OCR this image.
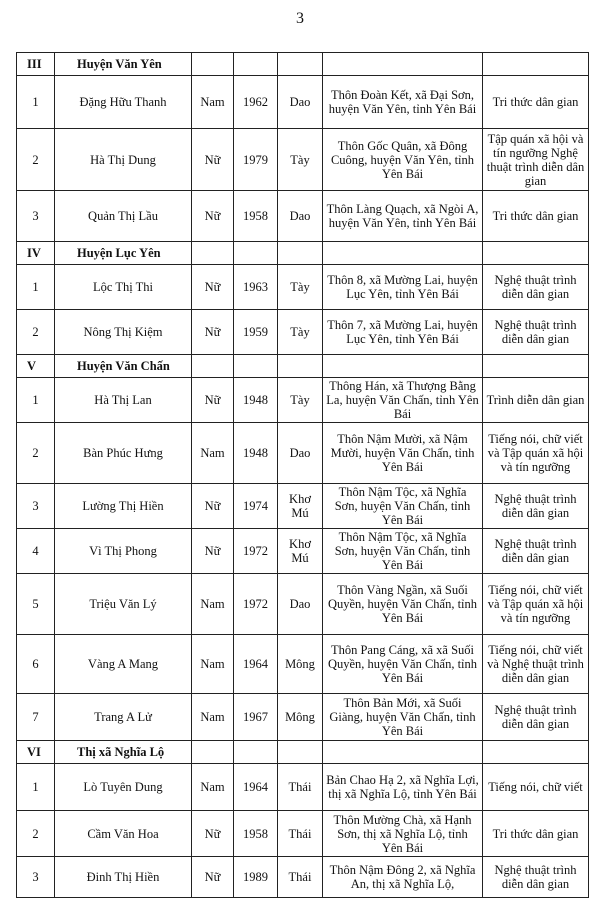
3
III	Huyện Văn Yên					
1	Đặng Hữu Thanh	Nam	1962	Dao	Thôn Đoàn Kết, xã Đại Sơn, huyện Văn Yên, tỉnh Yên Bái	Tri thức dân gian
2	Hà Thị Dung	Nữ	1979	Tày	Thôn Gốc Quân, xã Đông Cuông, huyện Văn Yên, tỉnh Yên Bái	Tập quán xã hội và tín ngưỡng Nghệ thuật trình diễn dân gian
3	Quản Thị Lầu	Nữ	1958	Dao	Thôn Làng Quạch, xã Ngòi A, huyện Văn Yên, tỉnh Yên Bái	Tri thức dân gian
IV	Huyện Lục Yên					
1	Lộc Thị Thi	Nữ	1963	Tày	Thôn 8, xã Mường Lai, huyện Lục Yên, tỉnh Yên Bái	Nghệ thuật trình diễn dân gian
2	Nông Thị Kiệm	Nữ	1959	Tày	Thôn 7, xã Mường Lai, huyện Lục Yên, tỉnh Yên Bái	Nghệ thuật trình diễn dân gian
V	Huyện Văn Chấn					
1	Hà Thị Lan	Nữ	1948	Tày	Thông Hán, xã Thượng Bằng La, huyện Văn Chấn, tỉnh Yên Bái	Trình diễn dân gian
2	Bàn Phúc Hưng	Nam	1948	Dao	Thôn Nậm Mười, xã Nậm Mười, huyện Văn Chấn, tỉnh Yên Bái	Tiếng nói, chữ viết và Tập quán xã hội và tín ngưỡng
3	Lường Thị Hiền	Nữ	1974	Khơ Mú	Thôn Nậm Tộc, xã Nghĩa Sơn, huyện Văn Chấn, tỉnh Yên Bái	Nghệ thuật trình diễn dân gian
4	Vì Thị Phong	Nữ	1972	Khơ Mú	Thôn Nậm Tộc, xã Nghĩa Sơn, huyện Văn Chấn, tỉnh Yên Bái	Nghệ thuật trình diễn dân gian
5	Triệu Văn Lý	Nam	1972	Dao	Thôn Vàng Ngần, xã Suối Quyền, huyện Văn Chấn, tỉnh Yên Bái	Tiếng nói, chữ viết và Tập quán xã hội và tín ngưỡng
6	Vàng A Mang	Nam	1964	Mông	Thôn Pang Cáng, xã xã Suối Quyền, huyện Văn Chấn, tỉnh Yên Bái	Tiếng nói, chữ viết và Nghệ thuật trình diễn dân gian
7	Trang A Lử	Nam	1967	Mông	Thôn Bản Mới, xã Suối Giàng, huyện Văn Chấn, tỉnh Yên Bái	Nghệ thuật trình diễn dân gian
VI	Thị xã Nghĩa Lộ					
1	Lò Tuyên Dung	Nam	1964	Thái	Bản Chao Hạ 2, xã Nghĩa Lợi, thị xã Nghĩa Lộ, tỉnh Yên Bái	Tiếng nói, chữ viết
2	Cầm Văn Hoa	Nữ	1958	Thái	Thôn Mường Chà, xã Hạnh Sơn, thị xã Nghĩa Lộ, tỉnh Yên Bái	Tri thức dân gian
3	Đinh Thị Hiền	Nữ	1989	Thái	Thôn Nậm Đông 2, xã Nghĩa An, thị xã Nghĩa Lộ,	Nghệ thuật trình diễn dân gian
